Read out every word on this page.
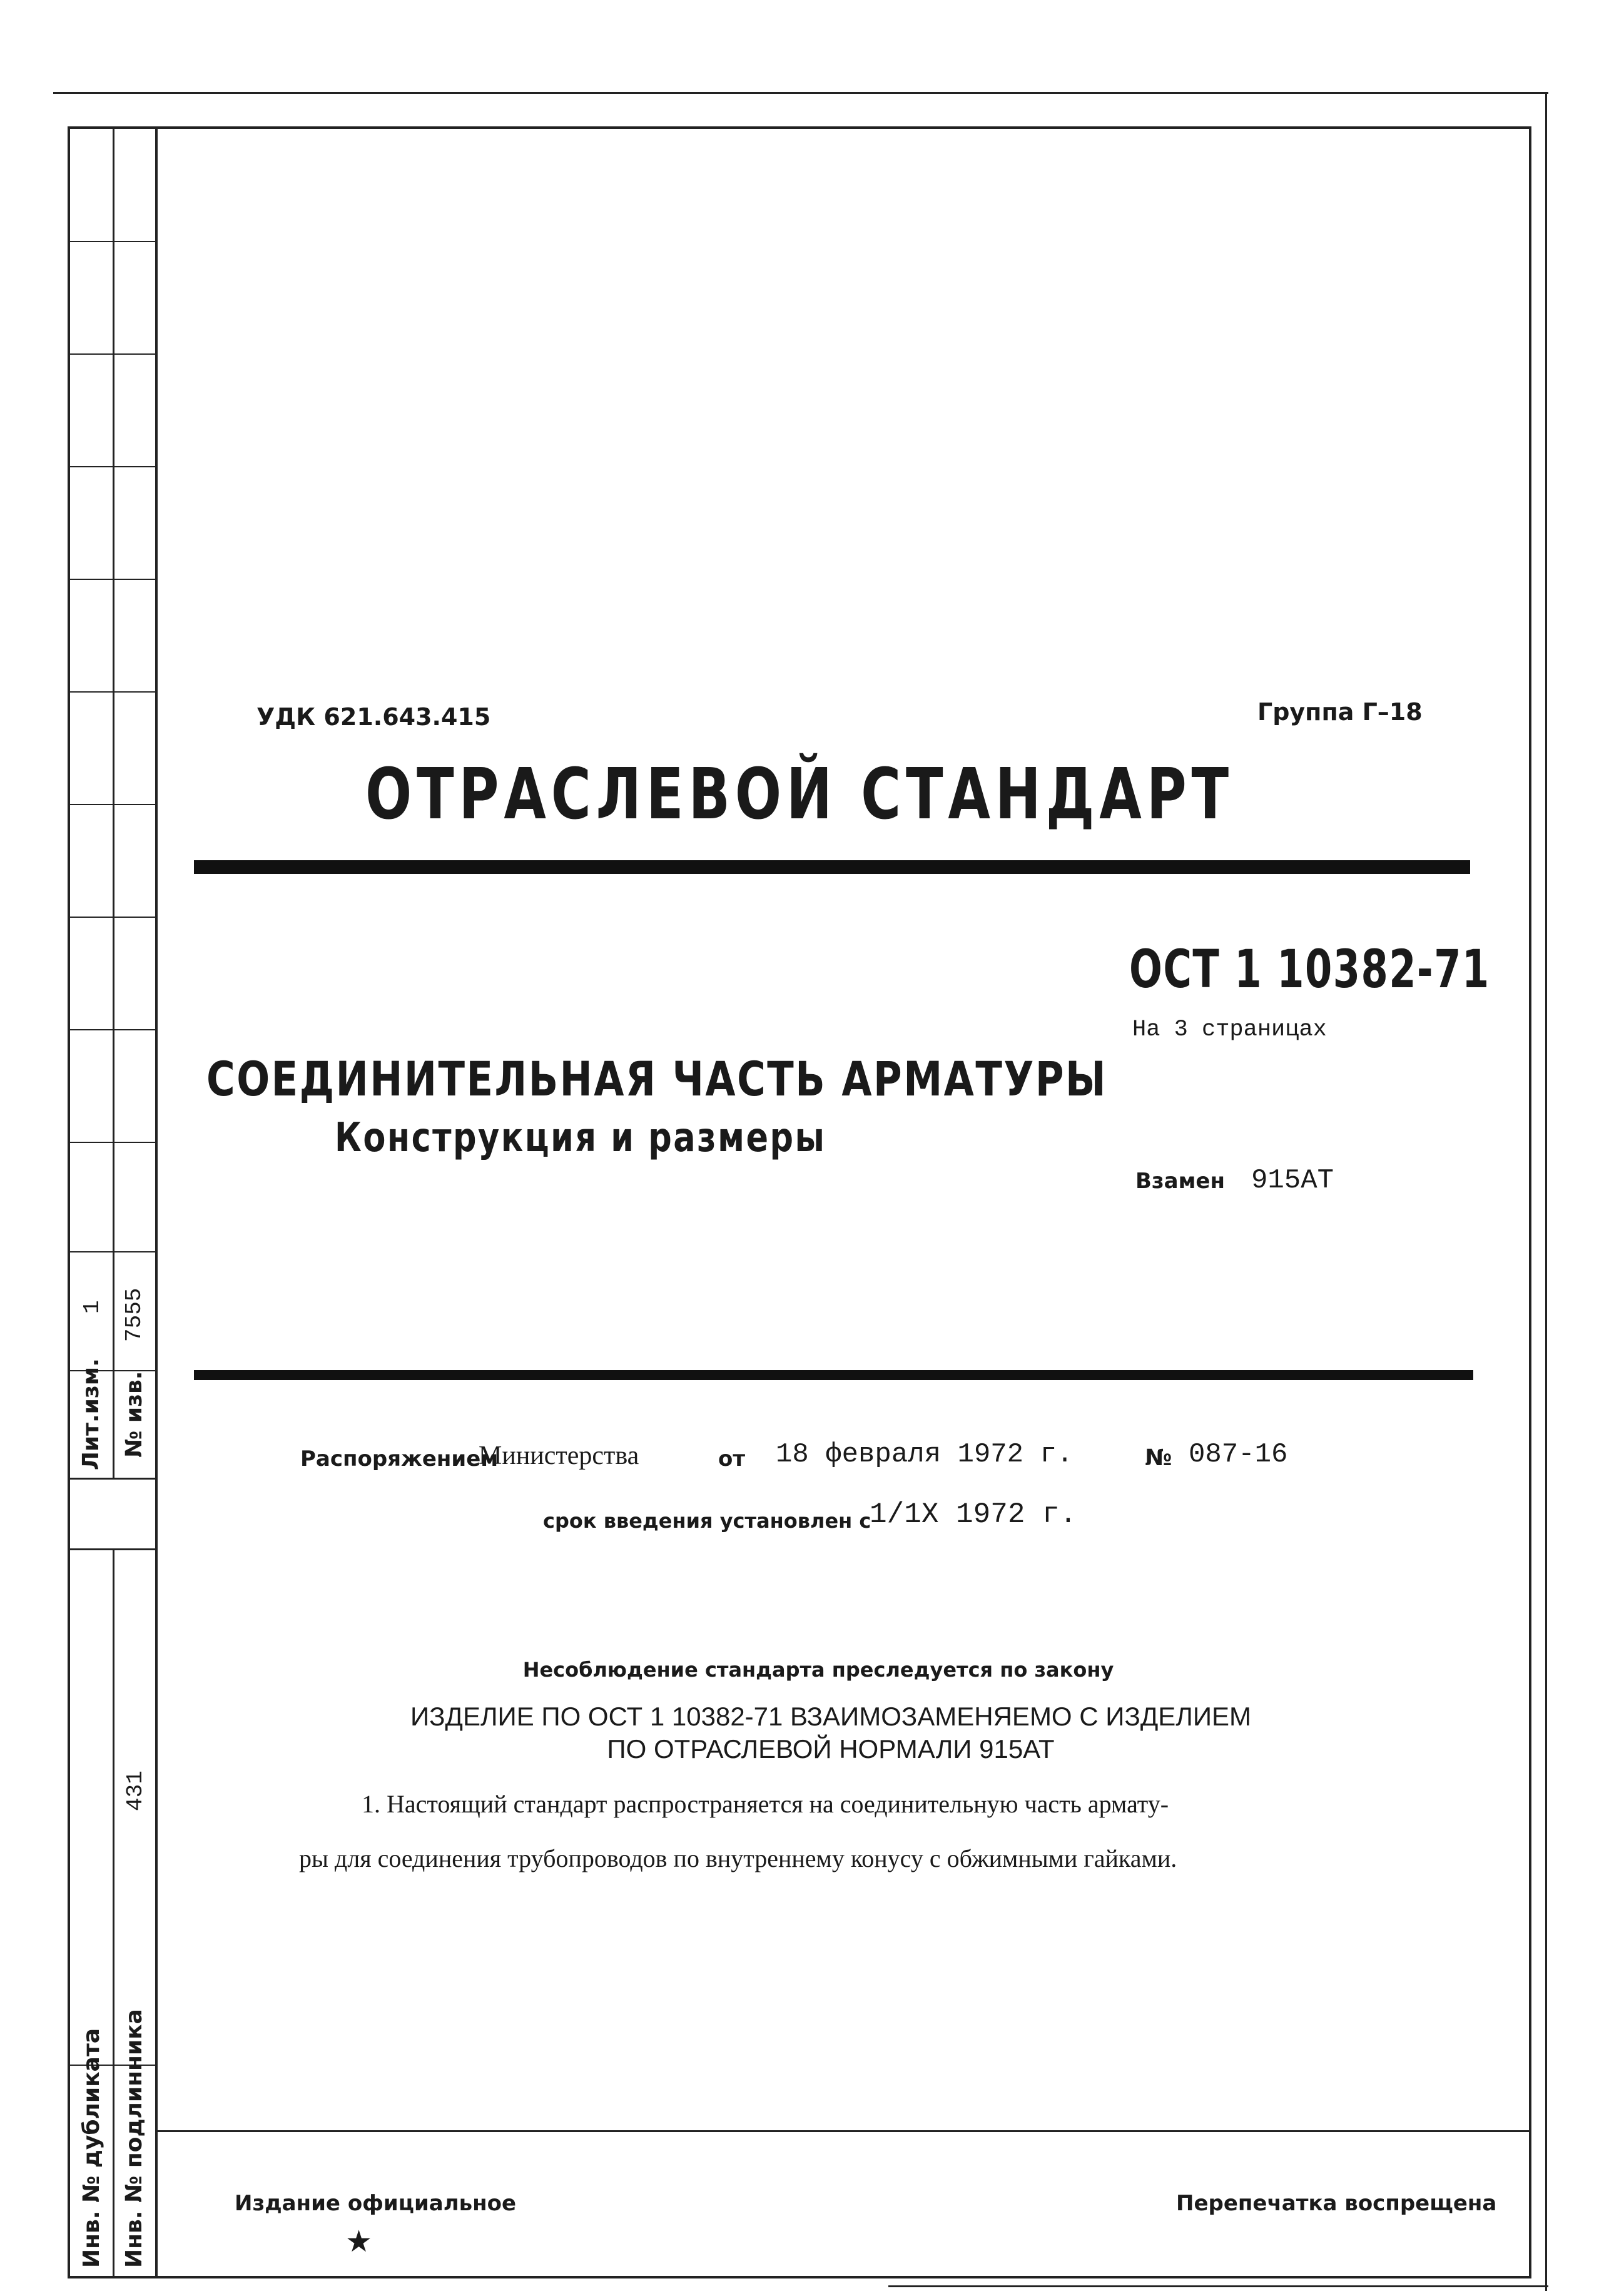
1
Лит.изм.
7555
№ изв.
431
Инв. № дубликата Инв. № подлинника
УДК 621.643.415	Группа Г–18
ОТРАСЛЕВОЙ СТАНДАРТ
ОСТ 1 10382-71
На 3 страницах
СОЕДИНИТЕЛЬНАЯ ЧАСТЬ АРМАТУРЫ
Конструкция и размеры
Взамен 915АТ
Распоряжением
Министерства	от 18 февраля 1972 г.	№ 087-16
срок введения установлен с
1/1X 1972 г.
Несоблюдение стандарта преследуется по закону
ИЗДЕЛИЕ ПО ОСТ 1 10382-71 ВЗАИМОЗАМЕНЯЕМО С ИЗДЕЛИЕМ
ПО ОТРАСЛЕВОЙ НОРМАЛИ 915АТ
1. Настоящий стандарт распространяется на соединительную часть армату-
ры для соединения трубопроводов по внутреннему конусу с обжимными гайками.
Издание официальное
★
Перепечатка воспрещена
